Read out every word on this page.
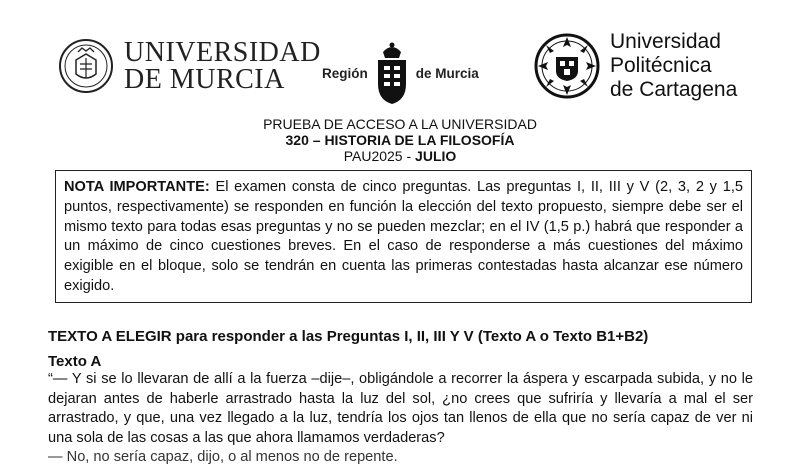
UNIVERSIDAD
DE MURCIA	Región	de Murcia
Universidad
Politécnica
de Cartagena
PRUEBA DE ACCESO A LA UNIVERSIDAD
320 – HISTORIA DE LA FILOSOFÍA
PAU2025 - JULIO
NOTA IMPORTANTE: El examen consta de cinco preguntas. Las preguntas I, II, III y V (2, 3, 2 y 1,5 puntos, respectivamente) se responden en función la elección del texto propuesto, siempre debe ser el mismo texto para todas esas preguntas y no se pueden mezclar; en el IV (1,5 p.) habrá que responder a un máximo de cinco cuestiones breves. En el caso de responderse a más cuestiones del máximo exigible en el bloque, solo se tendrán en cuenta las primeras contestadas hasta alcanzar ese número exigido.
TEXTO A ELEGIR para responder a las Preguntas I, II, III Y V (Texto A o Texto B1+B2)
Texto A
“— Y si se lo llevaran de allí a la fuerza –dije–, obligándole a recorrer la áspera y escarpada subida, y no le dejaran antes de haberle arrastrado hasta la luz del sol, ¿no crees que sufriría y llevaría a mal el ser arrastrado, y que, una vez llegado a la luz, tendría los ojos tan llenos de ella que no sería capaz de ver ni una sola de las cosas a las que ahora llamamos verdaderas?
— No, no sería capaz, dijo, o al menos no de repente.
